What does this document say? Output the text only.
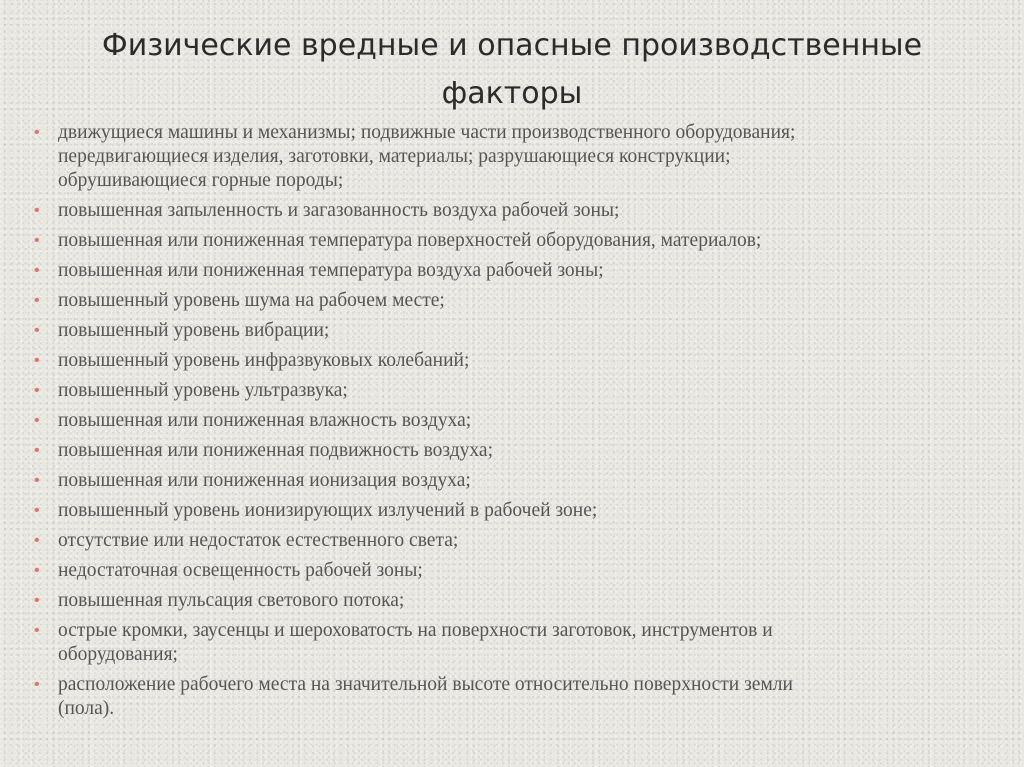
Физические вредные и опасные производственные факторы
• движущиеся машины и механизмы; подвижные части производственного оборудования;
передвигающиеся изделия, заготовки, материалы; разрушающиеся конструкции;
обрушивающиеся горные породы;
• повышенная запыленность и загазованность воздуха рабочей зоны;
• повышенная или пониженная температура поверхностей оборудования, материалов;
• повышенная или пониженная температура воздуха рабочей зоны;
• повышенный уровень шума на рабочем месте;
• повышенный уровень вибрации;
• повышенный уровень инфразвуковых колебаний;
• повышенный уровень ультразвука;
• повышенная или пониженная влажность воздуха;
• повышенная или пониженная подвижность воздуха;
• повышенная или пониженная ионизация воздуха;
• повышенный уровень ионизирующих излучений в рабочей зоне;
• отсутствие или недостаток естественного света;
• недостаточная освещенность рабочей зоны;
• повышенная пульсация светового потока;
• острые кромки, заусенцы и шероховатость на поверхности заготовок, инструментов и
оборудования;
• расположение рабочего места на значительной высоте относительно поверхности земли
(пола).
